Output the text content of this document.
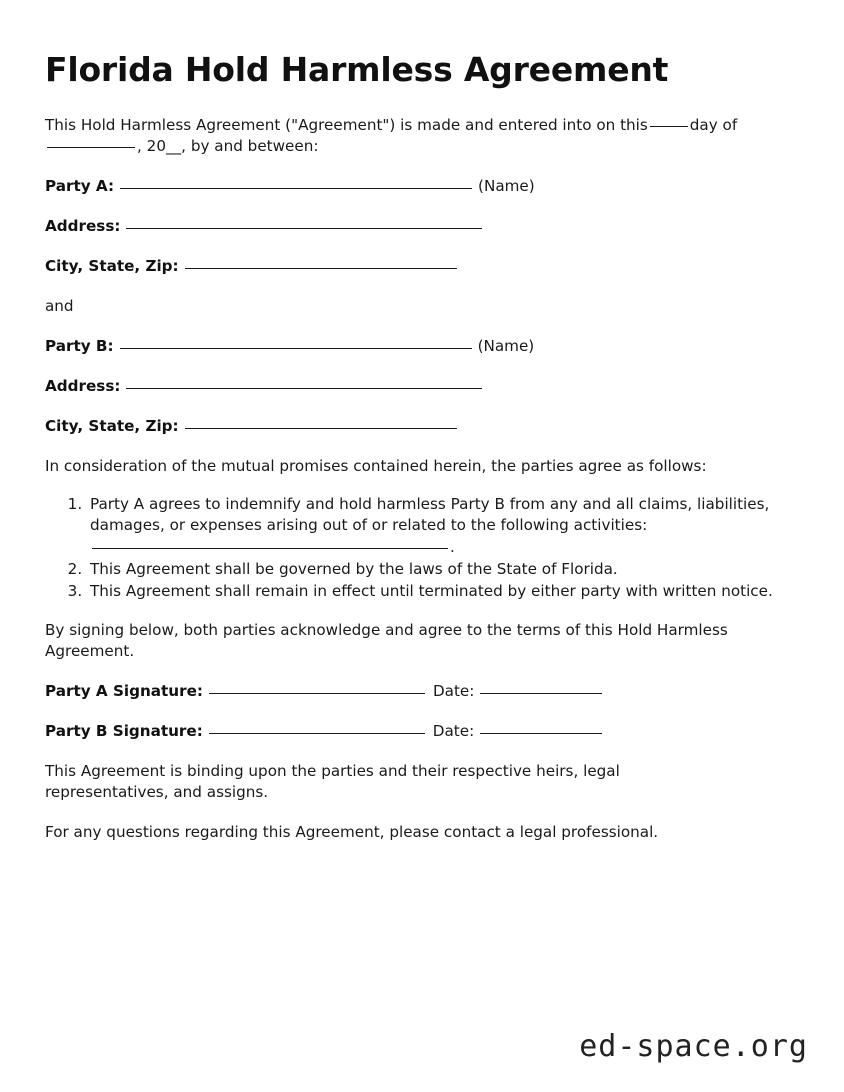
Florida Hold Harmless Agreement

This Hold Harmless Agreement ("Agreement") is made and entered into on this	day of
, 20__, by and between:

Party A:	(Name)
Address:
City, State, Zip:

and

Party B:	(Name)
Address:
City, State, Zip:

In consideration of the mutual promises contained herein, the parties agree as follows:

1. Party A agrees to indemnify and hold harmless Party B from any and all claims, liabilities, damages, or expenses arising out of or related to the following activities:
.
2. This Agreement shall be governed by the laws of the State of Florida.
3. This Agreement shall remain in effect until terminated by either party with written notice.

By signing below, both parties acknowledge and agree to the terms of this Hold Harmless Agreement.

Party A Signature:	Date:
Party B Signature:	Date:

This Agreement is binding upon the parties and their respective heirs, legal representatives, and assigns.

For any questions regarding this Agreement, please contact a legal professional.

ed-space.org
